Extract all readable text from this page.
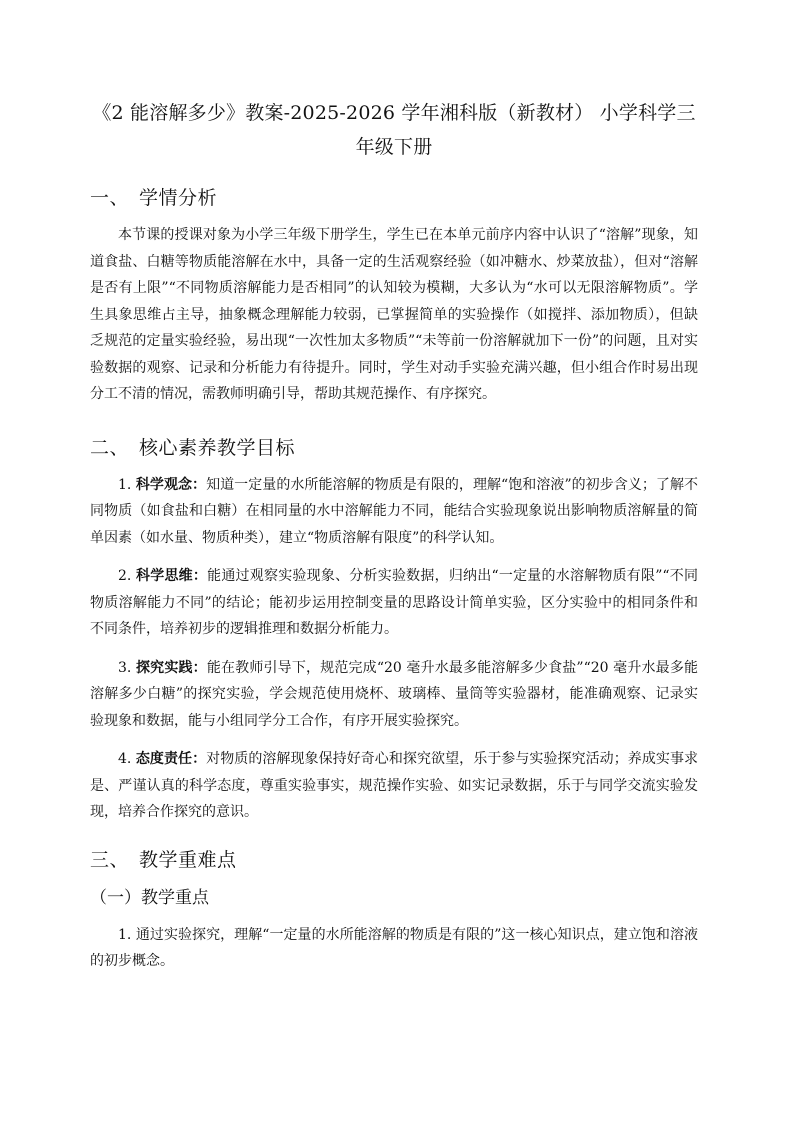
《2 能溶解多少》教案-2025-2026 学年湘科版（新教材） 小学科学三年级下册
一、 学情分析

本节课的授课对象为小学三年级下册学生，学生已在本单元前序内容中认识了“溶解”现象，知道食盐、白糖等物质能溶解在水中，具备一定的生活观察经验（如冲糖水、炒菜放盐），但对“溶解是否有上限”“不同物质溶解能力是否相同”的认知较为模糊，大多认为“水可以无限溶解物质”。学生具象思维占主导，抽象概念理解能力较弱，已掌握简单的实验操作（如搅拌、添加物质），但缺乏规范的定量实验经验，易出现“一次性加太多物质”“未等前一份溶解就加下一份”的问题，且对实验数据的观察、记录和分析能力有待提升。同时，学生对动手实验充满兴趣，但小组合作时易出现分工不清的情况，需教师明确引导，帮助其规范操作、有序探究。

二、 核心素养教学目标

1. 科学观念：知道一定量的水所能溶解的物质是有限的，理解“饱和溶液”的初步含义；了解不同物质（如食盐和白糖）在相同量的水中溶解能力不同，能结合实验现象说出影响物质溶解量的简单因素（如水量、物质种类），建立“物质溶解有限度”的科学认知。

2. 科学思维：能通过观察实验现象、分析实验数据，归纳出“一定量的水溶解物质有限”“不同物质溶解能力不同”的结论；能初步运用控制变量的思路设计简单实验，区分实验中的相同条件和不同条件，培养初步的逻辑推理和数据分析能力。

3. 探究实践：能在教师引导下，规范完成“20 毫升水最多能溶解多少食盐”“20 毫升水最多能溶解多少白糖”的探究实验，学会规范使用烧杯、玻璃棒、量筒等实验器材，能准确观察、记录实验现象和数据，能与小组同学分工合作，有序开展实验探究。

4. 态度责任：对物质的溶解现象保持好奇心和探究欲望，乐于参与实验探究活动；养成实事求是、严谨认真的科学态度，尊重实验事实，规范操作实验、如实记录数据，乐于与同学交流实验发现，培养合作探究的意识。

三、 教学重难点
（一）教学重点

1. 通过实验探究，理解“一定量的水所能溶解的物质是有限的”这一核心知识点，建立饱和溶液的初步概念。
